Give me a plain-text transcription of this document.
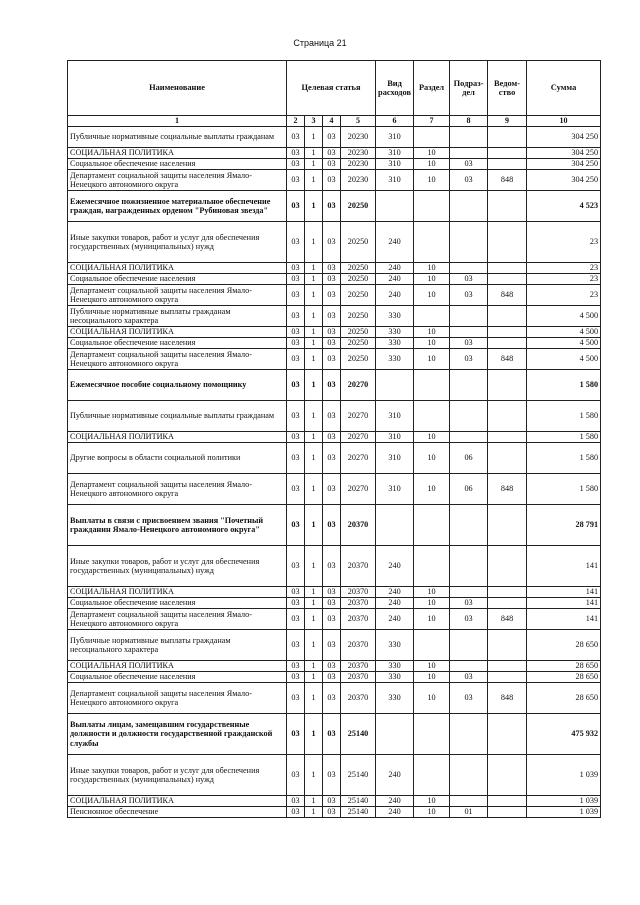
Страница 21
Наименование	Целевая статья				Вид расходов	Раздел	Подраз-дел	Ведом-ство	Сумма
1	2	3	4	5	6	7	8	9	10
Публичные нормативные социальные выплаты гражданам	03	1	03	20230	310				304 250
СОЦИАЛЬНАЯ ПОЛИТИКА	03	1	03	20230	310	10			304 250
Социальное обеспечение населения	03	1	03	20230	310	10	03		304 250
Департамент социальной защиты населения Ямало-Ненецкого автономного округа	03	1	03	20230	310	10	03	848	304 250
Ежемесячное пожизненное материальное обеспечение граждан, награжденных орденом "Рубиновая звезда"	03	1	03	20250					4 523
Иные закупки товаров, работ и услуг для обеспечения государственных (муниципальных) нужд	03	1	03	20250	240				23
СОЦИАЛЬНАЯ ПОЛИТИКА	03	1	03	20250	240	10			23
Социальное обеспечение населения	03	1	03	20250	240	10	03		23
Департамент социальной защиты населения Ямало-Ненецкого автономного округа	03	1	03	20250	240	10	03	848	23
Публичные нормативные выплаты гражданам несоциального характера	03	1	03	20250	330				4 500
СОЦИАЛЬНАЯ ПОЛИТИКА	03	1	03	20250	330	10			4 500
Социальное обеспечение населения	03	1	03	20250	330	10	03		4 500
Департамент социальной защиты населения Ямало-Ненецкого автономного округа	03	1	03	20250	330	10	03	848	4 500
Ежемесячное пособие социальному помощнику	03	1	03	20270					1 580
Публичные нормативные социальные выплаты гражданам	03	1	03	20270	310				1 580
СОЦИАЛЬНАЯ ПОЛИТИКА	03	1	03	20270	310	10			1 580
Другие вопросы в области социальной политики	03	1	03	20270	310	10	06		1 580
Департамент социальной защиты населения Ямало-Ненецкого автономного округа	03	1	03	20270	310	10	06	848	1 580
Выплаты в связи с присвоением звания "Почетный гражданин Ямало-Ненецкого автономного округа"	03	1	03	20370					28 791
Иные закупки товаров, работ и услуг для обеспечения государственных (муниципальных) нужд	03	1	03	20370	240				141
СОЦИАЛЬНАЯ ПОЛИТИКА	03	1	03	20370	240	10			141
Социальное обеспечение населения	03	1	03	20370	240	10	03		141
Департамент социальной защиты населения Ямало-Ненецкого автономного округа	03	1	03	20370	240	10	03	848	141
Публичные нормативные выплаты гражданам несоциального характера	03	1	03	20370	330				28 650
СОЦИАЛЬНАЯ ПОЛИТИКА	03	1	03	20370	330	10			28 650
Социальное обеспечение населения	03	1	03	20370	330	10	03		28 650
Департамент социальной защиты населения Ямало-Ненецкого автономного округа	03	1	03	20370	330	10	03	848	28 650
Выплаты лицам, замещавшим государственные должности и должности государственной гражданской службы	03	1	03	25140					475 932
Иные закупки товаров, работ и услуг для обеспечения государственных (муниципальных) нужд	03	1	03	25140	240				1 039
СОЦИАЛЬНАЯ ПОЛИТИКА	03	1	03	25140	240	10			1 039
Пенсионное обеспечение	03	1	03	25140	240	10	01		1 039
